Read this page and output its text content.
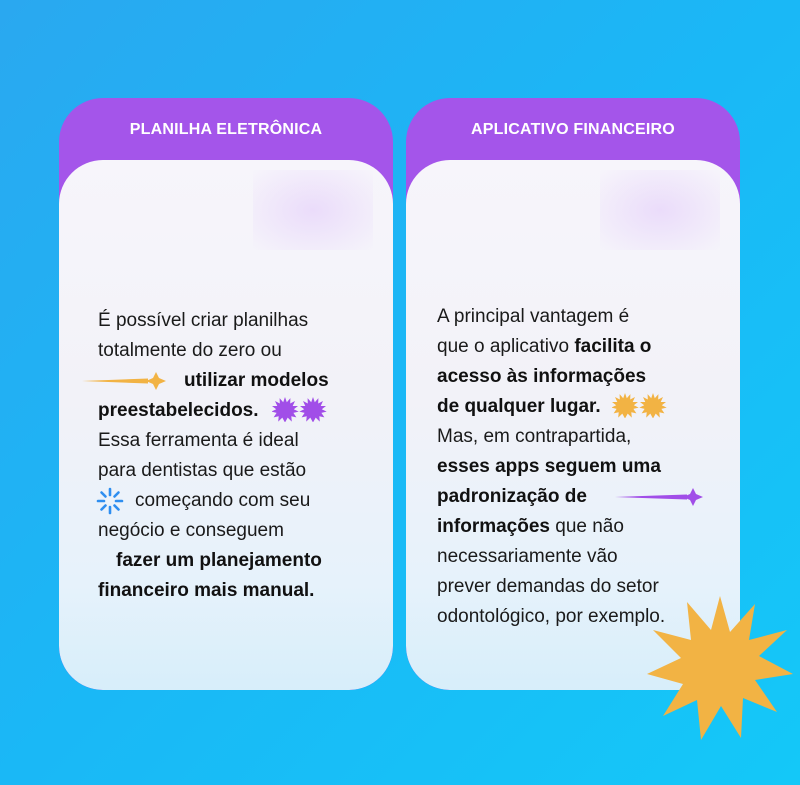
PLANILHA ELETRÔNICA
É possível criar planilhas
totalmente do zero ou
utilizar modelos
preestabelecidos.
Essa ferramenta é ideal
para dentistas que estão
começando com seu
negócio e conseguem
fazer um planejamento
financeiro mais manual.
APLICATIVO FINANCEIRO
A principal vantagem é
que o aplicativo facilita o
acesso às informações
de qualquer lugar.
Mas, em contrapartida,
esses apps seguem uma
padronização de
informações que não
necessariamente vão
prever demandas do setor
odontológico, por exemplo.
